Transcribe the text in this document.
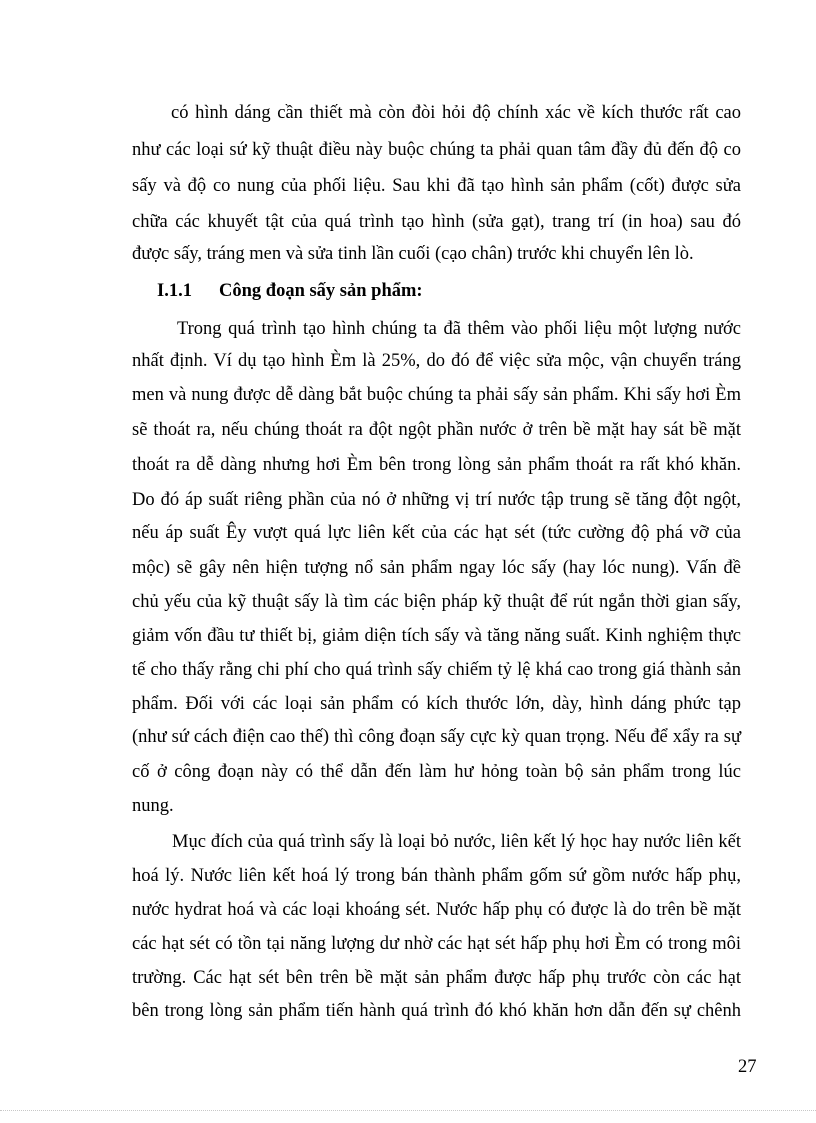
có hình dáng cần thiết mà còn đòi hỏi độ chính xác về kích thước rất cao
như các loại sứ kỹ thuật điều này buộc chúng ta phải quan tâm đầy đủ đến độ co
sấy và độ co nung của phối liệu. Sau khi đã tạo hình sản phẩm (cốt) được sửa
chữa các khuyết tật của quá trình tạo hình (sửa gạt), trang trí (in hoa) sau đó
được sấy, tráng men và sửa tinh lần cuối (cạo chân) trước khi chuyển lên lò.
I.1.1 Công đoạn sấy sản phẩm:
Trong quá trình tạo hình chúng ta đã thêm vào phối liệu một lượng nước
nhất định. Ví dụ tạo hình Èm là 25%, do đó để việc sửa mộc, vận chuyển tráng
men và nung được dễ dàng bắt buộc chúng ta phải sấy sản phẩm. Khi sấy hơi Èm
sẽ thoát ra, nếu chúng thoát ra đột ngột phần nước ở trên bề mặt hay sát bề mặt
thoát ra dễ dàng nhưng hơi Èm bên trong lòng sản phẩm thoát ra rất khó khăn.
Do đó áp suất riêng phần của nó ở những vị trí nước tập trung sẽ tăng đột ngột,
nếu áp suất Êy vượt quá lực liên kết của các hạt sét (tức cường độ phá vỡ của
mộc) sẽ gây nên hiện tượng nổ sản phẩm ngay lóc sấy (hay lóc nung). Vấn đề
chủ yếu của kỹ thuật sấy là tìm các biện pháp kỹ thuật để rút ngắn thời gian sấy,
giảm vốn đầu tư thiết bị, giảm diện tích sấy và tăng năng suất. Kinh nghiệm thực
tế cho thấy rằng chi phí cho quá trình sấy chiếm tỷ lệ khá cao trong giá thành sản
phẩm. Đối với các loại sản phẩm có kích thước lớn, dày, hình dáng phức tạp
(như sứ cách điện cao thế) thì công đoạn sấy cực kỳ quan trọng. Nếu để xẩy ra sự
cố ở công đoạn này có thể dẫn đến làm hư hỏng toàn bộ sản phẩm trong lúc
nung.
Mục đích của quá trình sấy là loại bỏ nước, liên kết lý học hay nước liên kết
hoá lý. Nước liên kết hoá lý trong bán thành phẩm gốm sứ gồm nước hấp phụ,
nước hydrat hoá và các loại khoáng sét. Nước hấp phụ có được là do trên bề mặt
các hạt sét có tồn tại năng lượng dư nhờ các hạt sét hấp phụ hơi Èm có trong môi
trường. Các hạt sét bên trên bề mặt sản phẩm được hấp phụ trước còn các hạt
bên trong lòng sản phẩm tiến hành quá trình đó khó khăn hơn dẫn đến sự chênh
27
